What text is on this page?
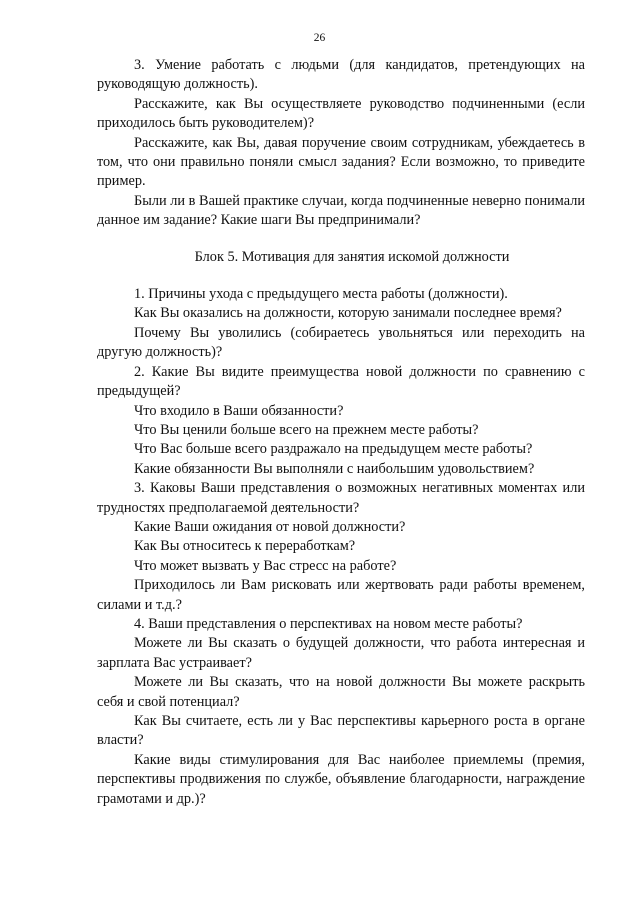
26

3. Умение работать с людьми (для кандидатов, претендующих на руководящую должность).

Расскажите, как Вы осуществляете руководство подчиненными (если приходилось быть руководителем)?

Расскажите, как Вы, давая поручение своим сотрудникам, убеждаетесь в том, что они правильно поняли смысл задания? Если возможно, то приведите пример.

Были ли в Вашей практике случаи, когда подчиненные неверно понимали данное им задание? Какие шаги Вы предпринимали?

Блок 5. Мотивация для занятия искомой должности

1. Причины ухода с предыдущего места работы (должности).

Как Вы оказались на должности, которую занимали последнее время?

Почему Вы уволились (собираетесь увольняться или переходить на другую должность)?

2. Какие Вы видите преимущества новой должности по сравнению с предыдущей?

Что входило в Ваши обязанности?

Что Вы ценили больше всего на прежнем месте работы?

Что Вас больше всего раздражало на предыдущем месте работы?

Какие обязанности Вы выполняли с наибольшим удовольствием?

3. Каковы Ваши представления о возможных негативных моментах или трудностях предполагаемой деятельности?

Какие Ваши ожидания от новой должности?

Как Вы относитесь к переработкам?

Что может вызвать у Вас стресс на работе?

Приходилось ли Вам рисковать или жертвовать ради работы временем, силами и т.д.?

4. Ваши представления о перспективах на новом месте работы?

Можете ли Вы сказать о будущей должности, что работа интересная и зарплата Вас устраивает?

Можете ли Вы сказать, что на новой должности Вы можете раскрыть себя и свой потенциал?

Как Вы считаете, есть ли у Вас перспективы карьерного роста в органе власти?

Какие виды стимулирования для Вас наиболее приемлемы (премия, перспективы продвижения по службе, объявление благодарности, награждение грамотами и др.)?
